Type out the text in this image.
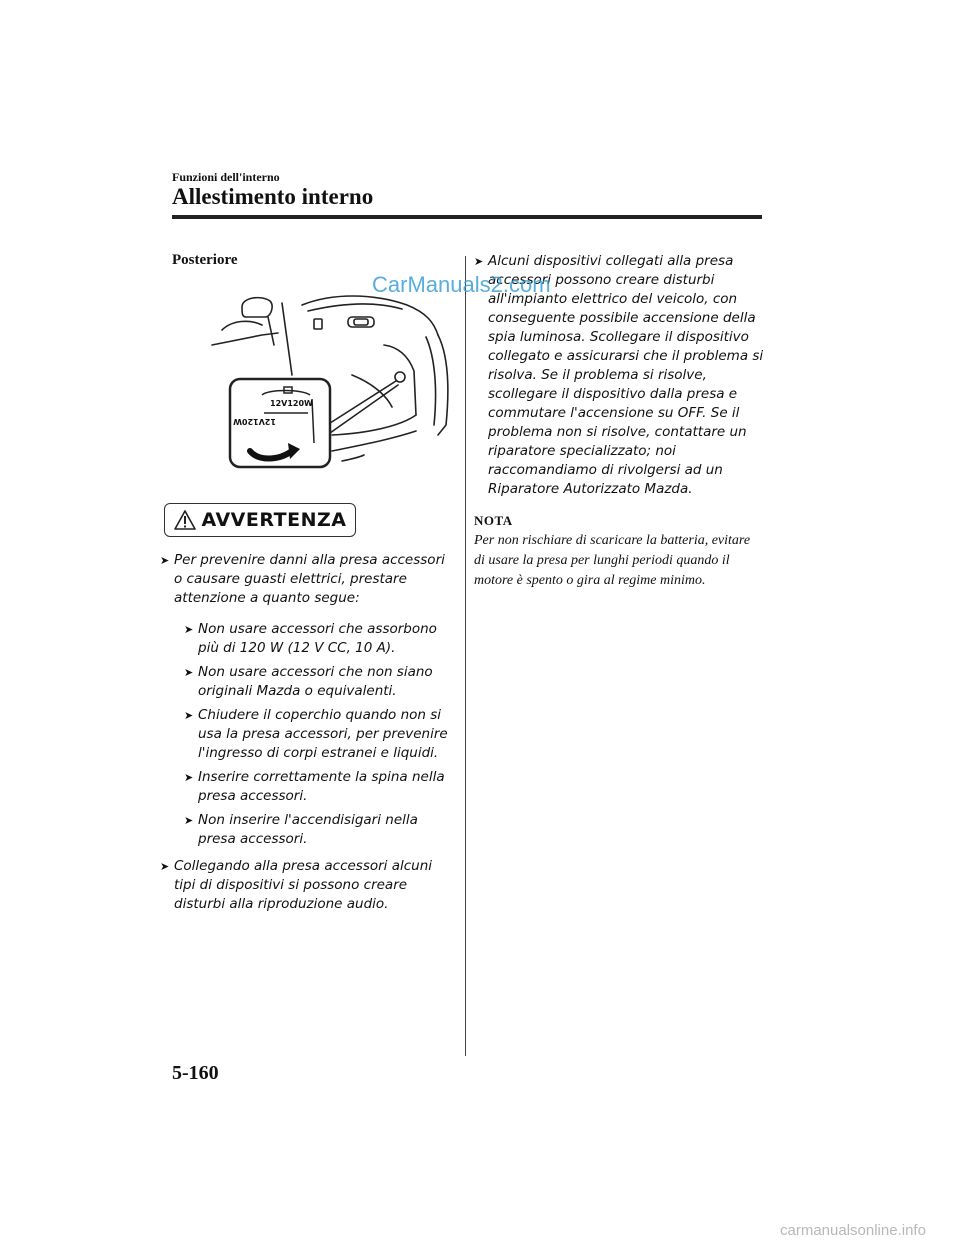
Funzioni dell'interno
Allestimento interno
Posteriore
12V120W
12V120W
AVVERTENZA
➤ Per prevenire danni alla presa accessori o causare guasti elettrici, prestare attenzione a quanto segue:
➤ Non usare accessori che assorbono più di 120 W (12 V CC, 10 A).
➤ Non usare accessori che non siano originali Mazda o equivalenti.
➤ Chiudere il coperchio quando non si usa la presa accessori, per prevenire l'ingresso di corpi estranei e liquidi.
➤ Inserire correttamente la spina nella presa accessori.
➤ Non inserire l'accendisigari nella presa accessori.
➤ Collegando alla presa accessori alcuni tipi di dispositivi si possono creare disturbi alla riproduzione audio.
➤ Alcuni dispositivi collegati alla presa accessori possono creare disturbi all'impianto elettrico del veicolo, con conseguente possibile accensione della spia luminosa. Scollegare il dispositivo collegato e assicurarsi che il problema si risolva. Se il problema si risolve, scollegare il dispositivo dalla presa e commutare l'accensione su OFF. Se il problema non si risolve, contattare un riparatore specializzato; noi raccomandiamo di rivolgersi ad un Riparatore Autorizzato Mazda.
NOTA
Per non rischiare di scaricare la batteria, evitare di usare la presa per lunghi periodi quando il motore è spento o gira al regime minimo.
CarManuals2.com
5-160
carmanualsonline.info
